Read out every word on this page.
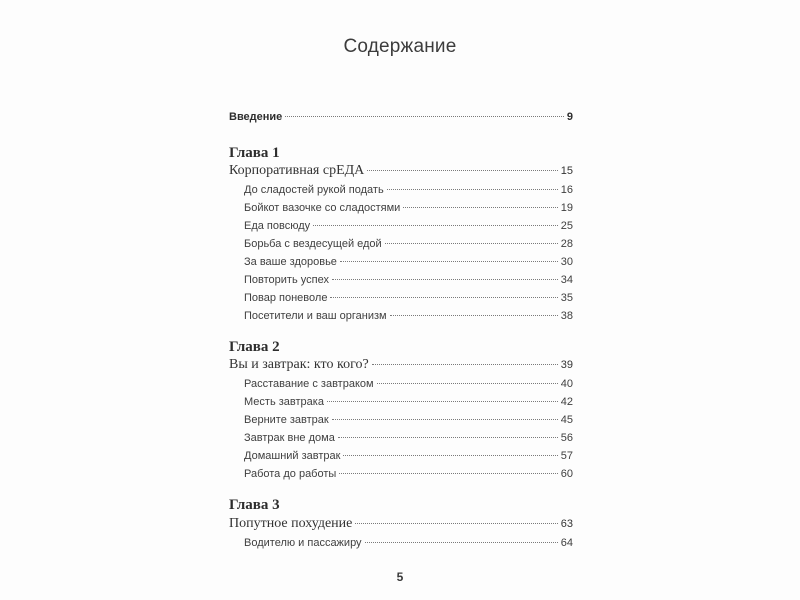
Содержание
Введение	9
Глава 1
Корпоративная срЕДА	15
До сладостей рукой подать	16
Бойкот вазочке со сладостями	19
Еда повсюду	25
Борьба с вездесущей едой	28
За ваше здоровье	30
Повторить успех	34
Повар поневоле	35
Посетители и ваш организм	38
Глава 2
Вы и завтрак: кто кого?	39
Расставание с завтраком	40
Месть завтрака	42
Верните завтрак	45
Завтрак вне дома	56
Домашний завтрак	57
Работа до работы	60
Глава 3
Попутное похудение	63
Водителю и пассажиру	64
5
